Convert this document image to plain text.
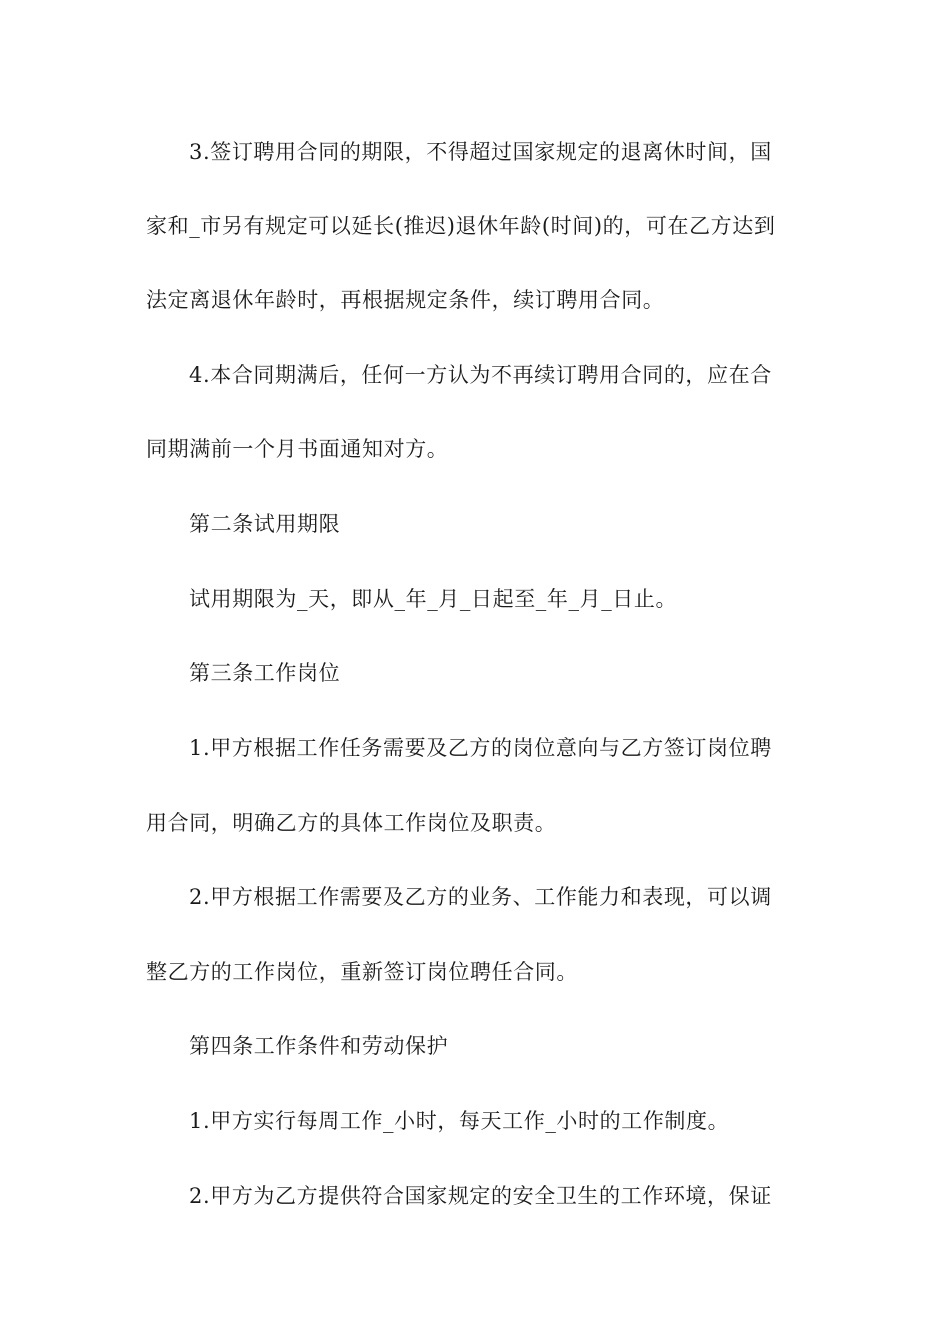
3.签订聘用合同的期限，不得超过国家规定的退离休时间，国
家和_市另有规定可以延长(推迟)退休年龄(时间)的，可在乙方达到
法定离退休年龄时，再根据规定条件，续订聘用合同。
4.本合同期满后，任何一方认为不再续订聘用合同的，应在合
同期满前一个月书面通知对方。
第二条试用期限
试用期限为_天，即从_年_月_日起至_年_月_日止。
第三条工作岗位
1.甲方根据工作任务需要及乙方的岗位意向与乙方签订岗位聘
用合同，明确乙方的具体工作岗位及职责。
2.甲方根据工作需要及乙方的业务、工作能力和表现，可以调
整乙方的工作岗位，重新签订岗位聘任合同。
第四条工作条件和劳动保护
1.甲方实行每周工作_小时，每天工作_小时的工作制度。
2.甲方为乙方提供符合国家规定的安全卫生的工作环境，保证
